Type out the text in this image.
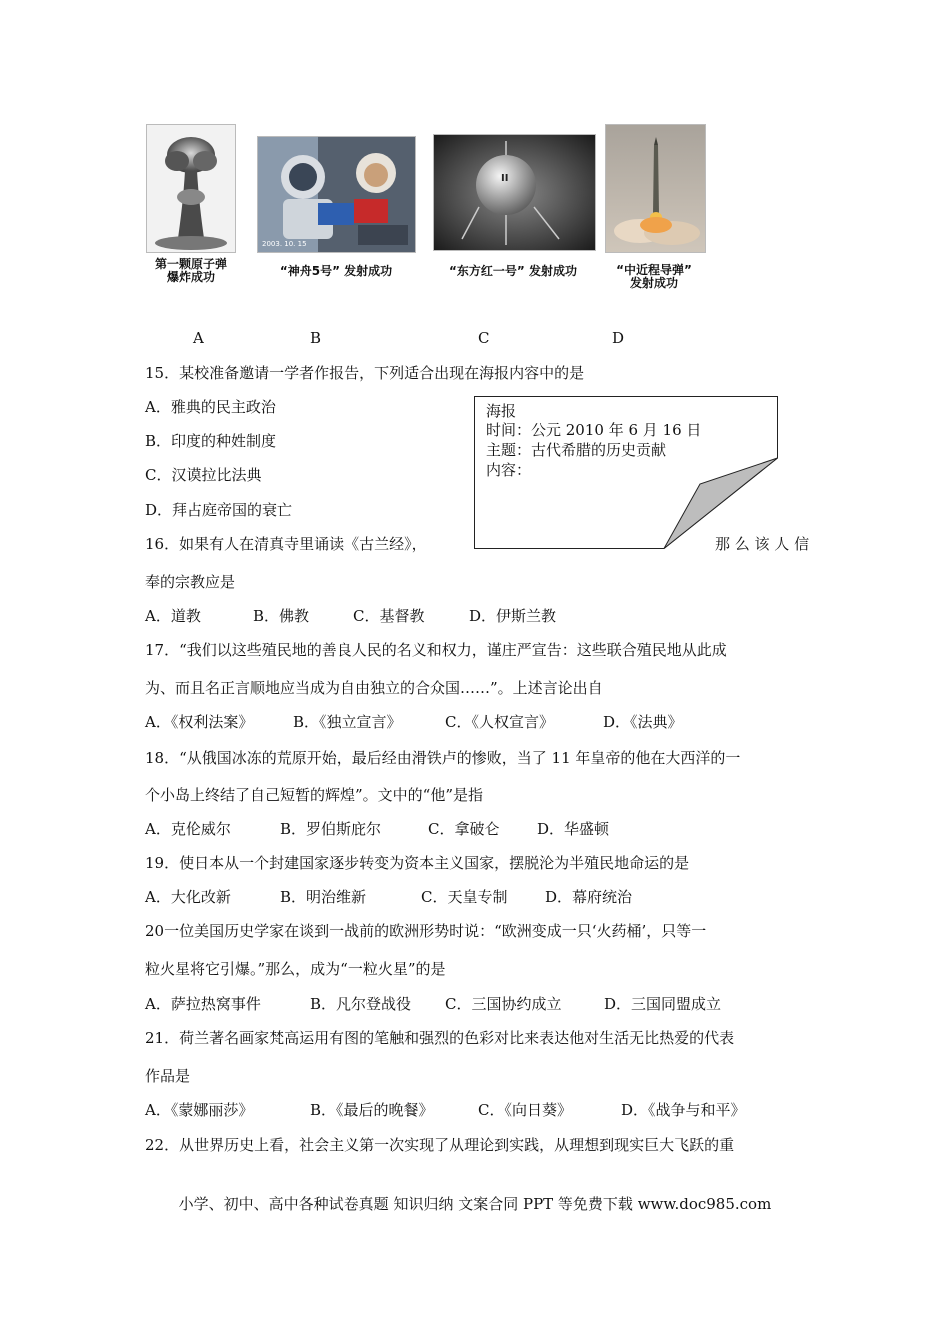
2003. 10. 15
II
第一颗原子弹
爆炸成功	“神舟5号” 发射成功	“东方红一号” 发射成功	“中近程导弹”
发射成功
A	B	C	D
海报
时间：公元 2010 年 6 月 16 日
主题：古代希腊的历史贡献
内容：
15．某校准备邀请一学者作报告，下列适合出现在海报内容中的是
A．雅典的民主政治
B．印度的种姓制度
C．汉谟拉比法典
D．拜占庭帝国的衰亡
16．如果有人在清真寺里诵读《古兰经》，	那 么 该 人 信
奉的宗教应是
A．道教	B．佛教	C．基督教	D．伊斯兰教
17．“我们以这些殖民地的善良人民的名义和权力，谨庄严宣告：这些联合殖民地从此成
为、而且名正言顺地应当成为自由独立的合众国……”。上述言论出自
A．《权利法案》	B．《独立宣言》	C．《人权宣言》	D．《法典》
18．“从俄国冰冻的荒原开始，最后经由滑铁卢的惨败，当了 11 年皇帝的他在大西洋的一
个小岛上终结了自己短暂的辉煌”。文中的“他”是指
A．克伦威尔	B．罗伯斯庇尔	C．拿破仑	D．华盛顿
19．使日本从一个封建国家逐步转变为资本主义国家，摆脱沦为半殖民地命运的是
A．大化改新	B．明治维新	C．天皇专制	D．幕府统治
20一位美国历史学家在谈到一战前的欧洲形势时说：“欧洲变成一只‘火药桶’，只等一
粒火星将它引爆。”那么，成为“一粒火星”的是
A．萨拉热窝事件	B．凡尔登战役 C．三国协约成立	D．三国同盟成立
21．荷兰著名画家梵高运用有图的笔触和强烈的色彩对比来表达他对生活无比热爱的代表
作品是
A．《蒙娜丽莎》	B．《最后的晚餐》	C．《向日葵》	D．《战争与和平》
22．从世界历史上看，社会主义第一次实现了从理论到实践，从理想到现实巨大飞跃的重
小学、初中、高中各种试卷真题 知识归纳 文案合同 PPT 等免费下载 www.doc985.com
